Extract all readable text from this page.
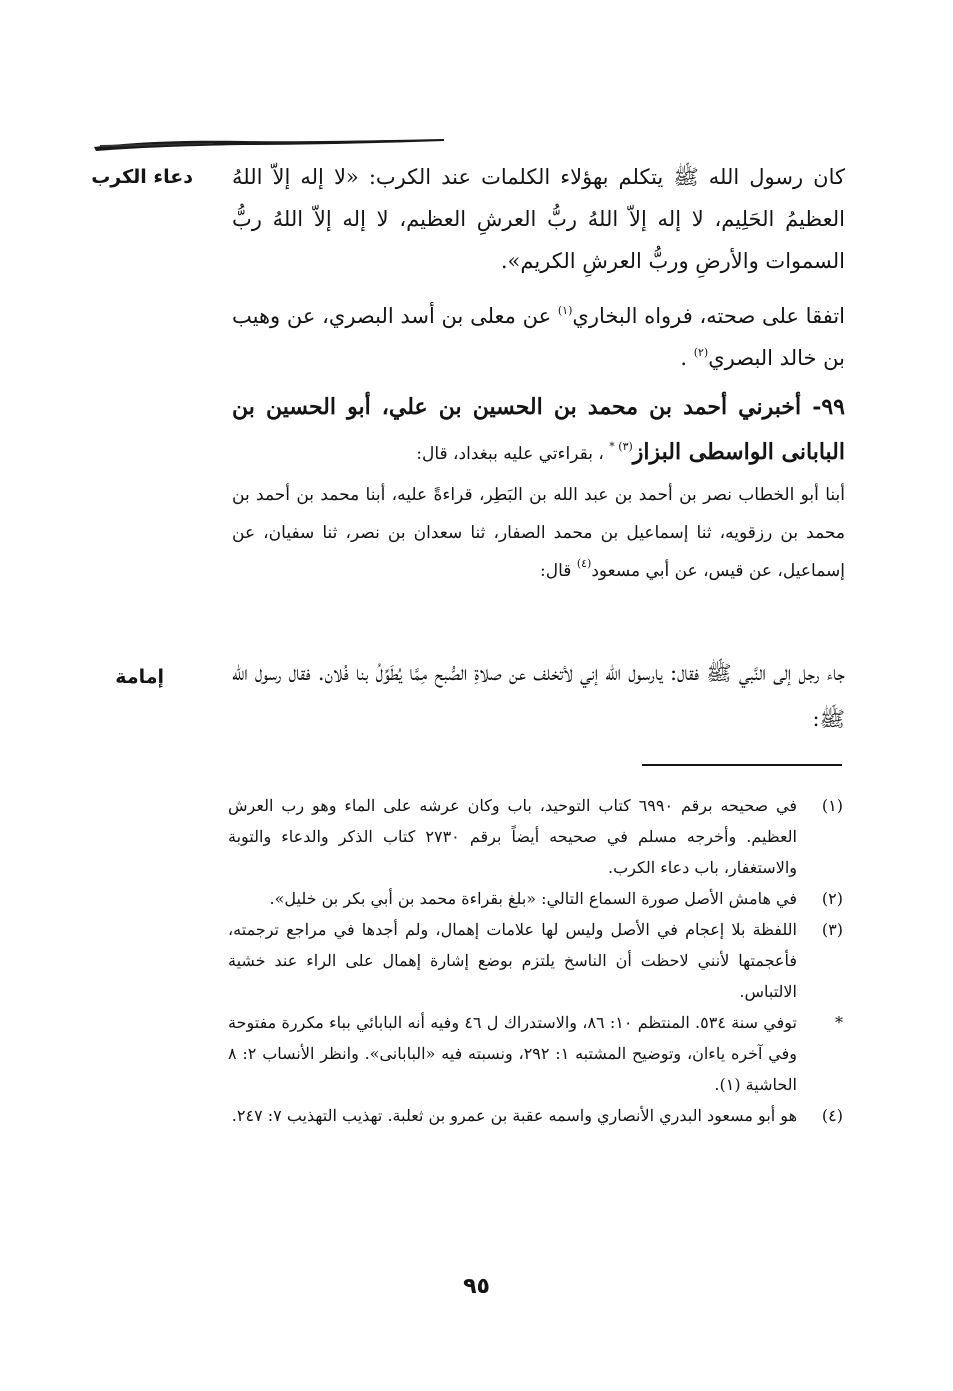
دعاء الكرب
إمامة
كان رسول الله ﷺ يتكلم بهؤلاء الكلمات عند الكرب: «لا إله إلاّ اللهُ العظيمُ الحَلِيم، لا إله إلاّ اللهُ ربُّ العرشِ العظيم، لا إله إلاّ اللهُ ربُّ السموات والأرضِ وربُّ العرشِ الكريم».
اتفقا على صحته، فرواه البخاري$^{(١)}$ عن معلى بن أسد البصري، عن وهيب بن خالد البصري$^{(٢)}$ .
٩٩- أخبرني أحمد بن محمد بن الحسين بن علي، أبو الحسين بن البابانى الواسطى البزاز$^{(٣) *}$ ، بقراءتي عليه ببغداد، قال:
أبنا أبو الخطاب نصر بن أحمد بن عبد الله بن البَطِر، قراءةً عليه، أبنا محمد بن أحمد بن محمد بن رزقويه، ثنا إسماعيل بن محمد الصفار، ثنا سعدان بن نصر، ثنا سفيان، عن إسماعيل، عن قيس، عن أبي مسعود$^{(٤)}$ قال:
جاء رجل إلى النَّبي ﷺ فقال: يارسول الله إني لأتخلف عن صلاةِ الصُّبح مِمَّا يُطَوِّلُ بنا فُلان. فقال رسول الله ﷺ:
(١)
في صحيحه برقم ٦٩٩٠ كتاب التوحيد، باب وكان عرشه على الماء وهو رب العرش العظيم. وأخرجه مسلم في صحيحه أيضاً برقم ٢٧٣٠ كتاب الذكر والدعاء والتوبة والاستغفار، باب دعاء الكرب.
(٢)
في هامش الأصل صورة السماع التالي: «بلغ بقراءة محمد بن أبي بكر بن خليل».
(٣)
اللفظة بلا إعجام في الأصل وليس لها علامات إهمال، ولم أجدها في مراجع ترجمته، فأعجمتها لأنني لاحظت أن الناسخ يلتزم بوضع إشارة إهمال على الراء عند خشية الالتباس.
*
توفي سنة ٥٣٤. المنتظم ١٠: ٨٦، والاستدراك ل ٤٦ وفيه أنه البابائي بباء مكررة مفتوحة وفي آخره ياءان، وتوضيح المشتبه ١: ٢٩٢، ونسبته فيه «البابانى». وانظر الأنساب ٢: ٨ الحاشية (١).
(٤)
هو أبو مسعود البدري الأنصاري واسمه عقبة بن عمرو بن ثعلبة. تهذيب التهذيب ٧: ٢٤٧.
٩٥
